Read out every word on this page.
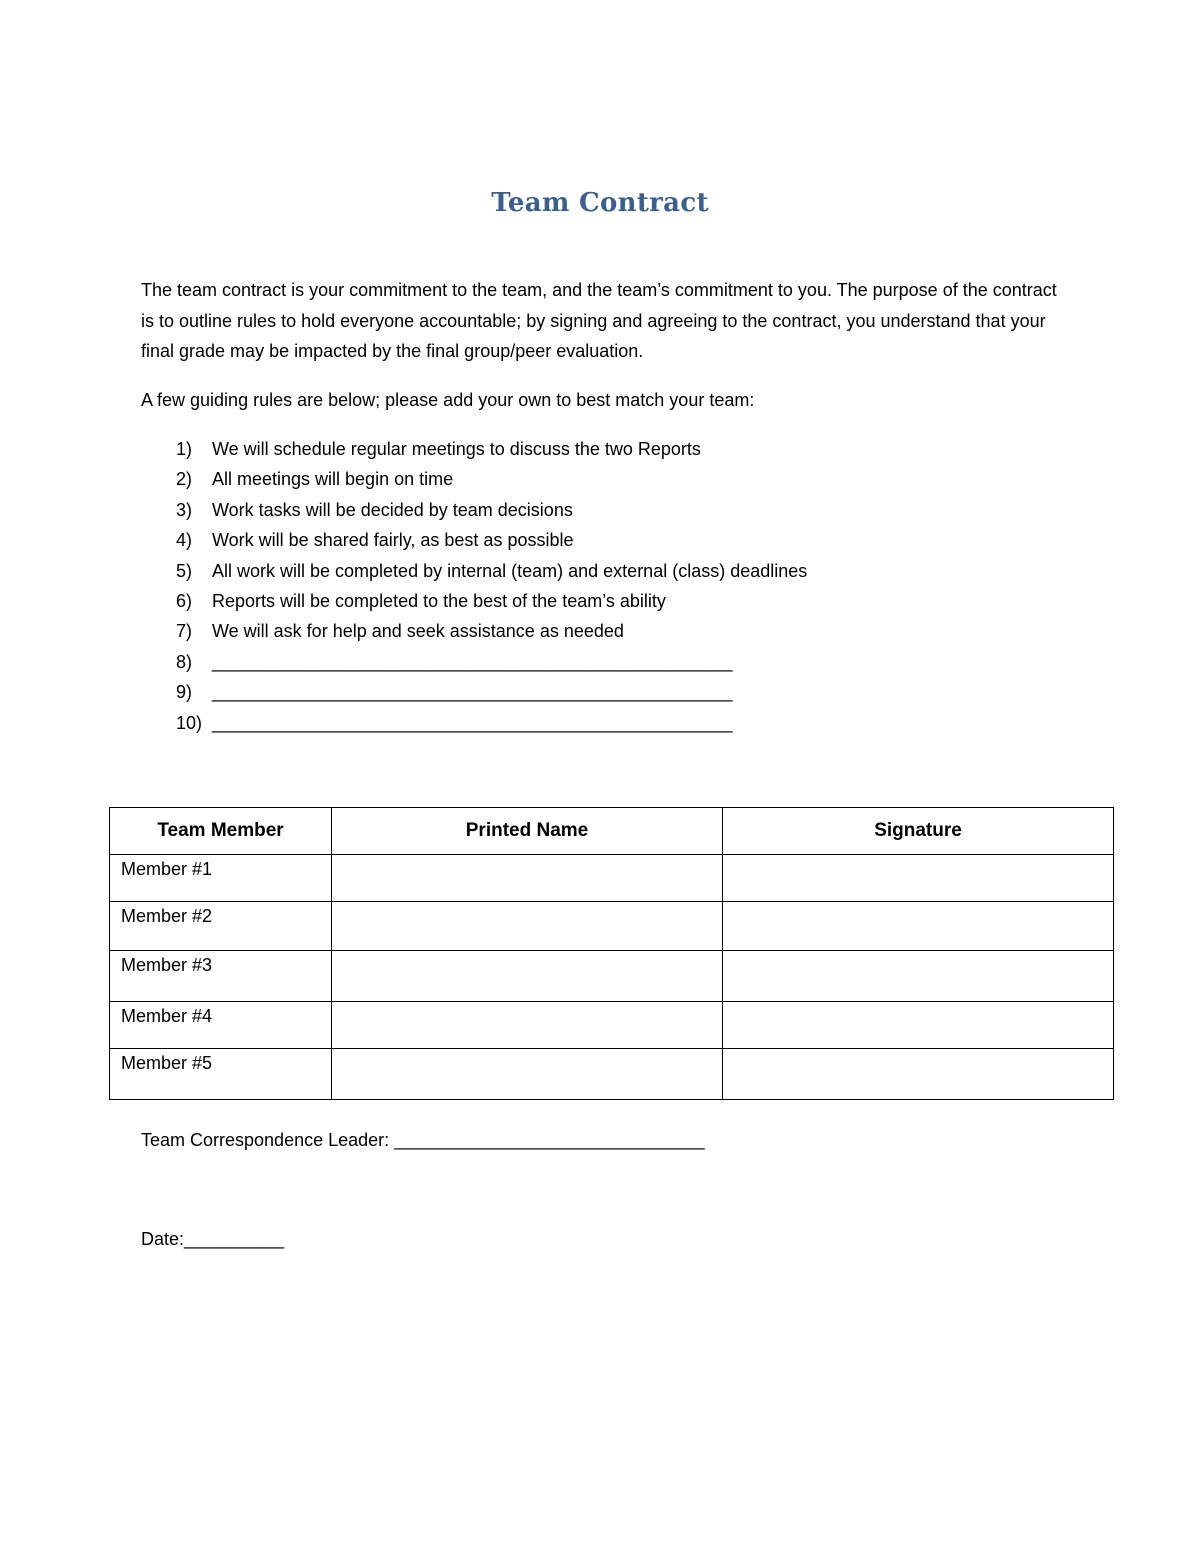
Team Contract

The team contract is your commitment to the team, and the team’s commitment to you. The purpose of the contract is to outline rules to hold everyone accountable; by signing and agreeing to the contract, you understand that your final grade may be impacted by the final group/peer evaluation.

A few guiding rules are below; please add your own to best match your team:

1)	We will schedule regular meetings to discuss the two Reports
2)	All meetings will begin on time
3)	Work tasks will be decided by team decisions
4)	Work will be shared fairly, as best as possible
5)	All work will be completed by internal (team) and external (class) deadlines
6)	Reports will be completed to the best of the team’s ability
7)	We will ask for help and seek assistance as needed
8)	____________________________________________________
9)	____________________________________________________
10) ____________________________________________________
Team Member	Printed Name	Signature
Member #1		
Member #2		
Member #3		
Member #4		
Member #5		
Team Correspondence Leader: _______________________________
Date:__________
